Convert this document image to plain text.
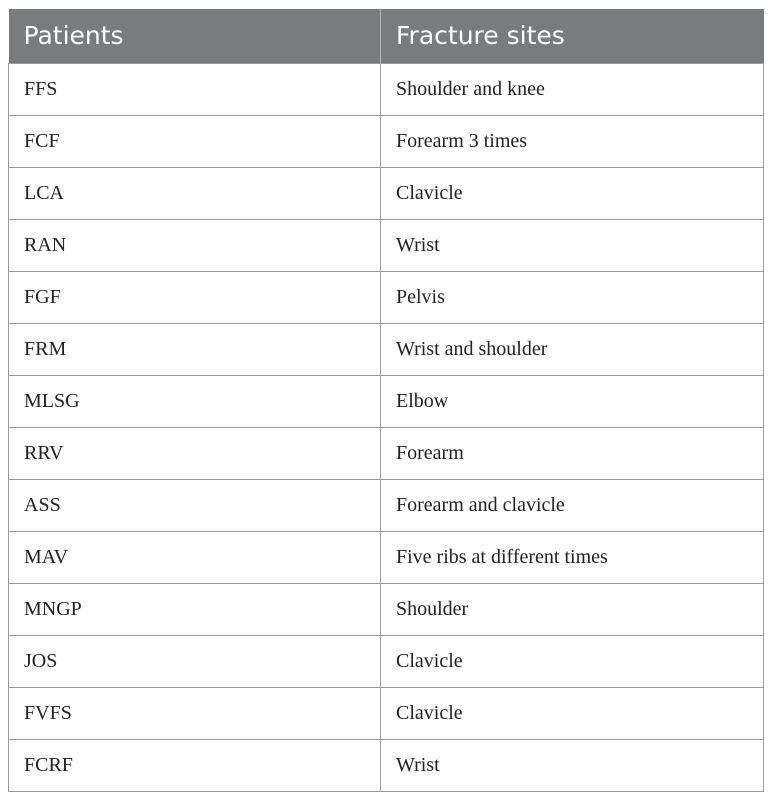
Patients	Fracture sites
FFS	Shoulder and knee
FCF	Forearm 3 times
LCA	Clavicle
RAN	Wrist
FGF	Pelvis
FRM	Wrist and shoulder
MLSG	Elbow
RRV	Forearm
ASS	Forearm and clavicle
MAV	Five ribs at different times
MNGP	Shoulder
JOS	Clavicle
FVFS	Clavicle
FCRF	Wrist
